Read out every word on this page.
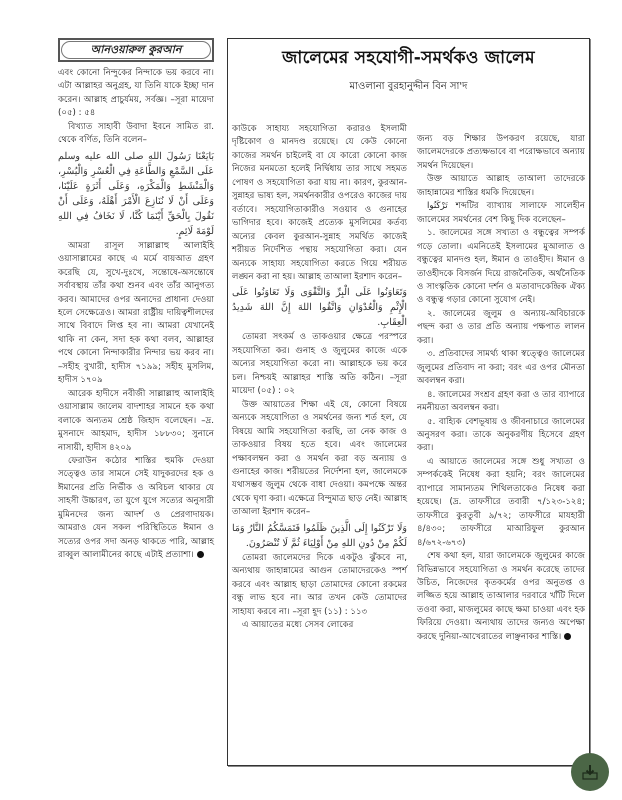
আনওয়ারুল কুরআন

এবং কোনো নিন্দুকের নিন্দাকে ভয় করবে না। এটা আল্লাহর অনুগ্রহ, যা তিনি যাকে ইচ্ছা দান করেন। আল্লাহ প্রাচুর্যময়, সর্বজ্ঞ। –সূরা মায়েদা (০৫) : ৫৪

বিখ্যাত সাহাবী উবাদা ইবনে সামিত রা. থেকে বর্ণিত, তিনি বলেন–

بَايَعْنَا رَسُولَ اللهِ صلى الله عليه وسلم عَلَى السَّمْعِ وَالطَّاعَةِ فِي الْعُسْرِ وَالْيُسْرِ، وَالْمَنْشَطِ وَالْمَكْرَهِ، وَعَلَى أَثَرَةٍ عَلَيْنَا، وَعَلَى أَنْ لَا نُنَازِعَ الْأَمْرَ أَهْلَهُ، وَعَلَى أَنْ نَقُولَ بِالْحَقِّ أَيْنَمَا كُنَّا، لَا نَخَافُ فِي اللهِ لَوْمَةَ لَائِمٍ.

আমরা রাসূল সাল্লাল্লাহু আলাইহি ওয়াসাল্লামের কাছে এ মর্মে বায়আত গ্রহণ করেছি যে, সুখে-দুঃখে, সন্তোষে-অসন্তোষে সর্বাবস্থায় তাঁর কথা শুনব এবং তাঁর আনুগত্য করব। আমাদের ওপর অন্যদের প্রাধান্য দেওয়া হলে সেক্ষেত্রেও। আমরা রাষ্ট্রীয় দায়িত্বশীলদের সাথে বিবাদে লিপ্ত হব না। আমরা যেখানেই থাকি না কেন, সদা হক কথা বলব, আল্লাহর পথে কোনো নিন্দাকারীর নিন্দার ভয় করব না। –সহীহ বুখারী, হাদীস ৭১৯৯; সহীহ মুসলিম, হাদীস ১৭০৯

আরেক হাদীসে নবীজী সাল্লাল্লাহু আলাইহি ওয়াসাল্লাম জালেম বাদশাহর সামনে হক কথা বলাকে অন্যতম শ্রেষ্ঠ জিহাদ বলেছেন। –দ্র. মুসনাদে আহমাদ, হাদীস ১৮৮৩০; সুনানে নাসায়ী, হাদীস ৪২০৯

ফেরাউন কঠোর শাস্তির হুমকি দেওয়া সত্ত্বেও তার সামনে সেই যাদুকরদের হক ও ঈমানের প্রতি নির্ভীক ও অবিচল থাকার যে সাহসী উচ্চারণ, তা যুগে যুগে সত্যের অনুসারী মুমিনদের জন্য আদর্শ ও প্রেরণাদায়ক। আমরাও যেন সকল পরিস্থিতিতে ঈমান ও সত্যের ওপর সদা অনড় থাকতে পারি, আল্লাহ রাব্বুল আলামীনের কাছে এটাই প্রত্যাশা।

জালেমের সহযোগী-সমর্থকও জালেম
মাওলানা বুরহানুদ্দীন বিন সা'দ

কাউকে সাহায্য সহযোগিতা করারও ইসলামী দৃষ্টিকোণ ও মানদণ্ড রয়েছে। যে কেউ কোনো কাজের সমর্থন চাইলেই বা যে কারো কোনো কাজ নিজের মনমতো হলেই নির্দ্বিধায় তার সাথে সহমত পোষণ ও সহযোগিতা করা যায় না। কারণ, কুরআন-সুন্নাহর ভাষ্য হল, সমর্থনকারীর ওপরেও কাজের দায় বর্তাবে। সহযোগিতাকারীও সওয়াব ও গুনাহের ভাগিদার হবে। কাজেই প্রত্যেক মুসলিমের কর্তব্য অন্যের কেবল কুরআন-সুন্নাহ সমর্থিত কাজেই শরীয়ত নির্দেশিত পন্থায় সহযোগিতা করা। যেন অন্যকে সাহায্য সহযোগিতা করতে গিয়ে শরীয়ত লঙ্ঘন করা না হয়। আল্লাহ তাআলা ইরশাদ করেন–

وَتَعَاوَنُوا عَلَى الْبِرِّ وَالتَّقْوَى وَلَا تَعَاوَنُوا عَلَى الْإِثْمِ وَالْعُدْوَانِ وَاتَّقُوا اللهَ إِنَّ اللهَ شَدِيدُ الْعِقَابِ.

তোমরা সৎকর্ম ও তাকওয়ার ক্ষেত্রে পরস্পরে সহযোগিতা কর। গুনাহ ও জুলুমের কাজে একে অন্যের সহযোগিতা করো না। আল্লাহকে ভয় করে চল। নিশ্চয়ই আল্লাহর শাস্তি অতি কঠিন। –সূরা মায়েদা (০৫) : ০২

উক্ত আয়াতের শিক্ষা এই যে, কোনো বিষয়ে অন্যকে সহযোগিতা ও সমর্থনের জন্য শর্ত হল, যে বিষয়ে আমি সহযোগিতা করছি, তা নেক কাজ ও তাকওয়ার বিষয় হতে হবে। এবং জালেমের পক্ষাবলম্বন করা ও সমর্থন করা বড় অন্যায় ও গুনাহের কাজ। শরীয়তের নির্দেশনা হল, জালেমকে যথাসম্ভব জুলুম থেকে বাধা দেওয়া। কমপক্ষে অন্তর থেকে ঘৃণা করা। এক্ষেত্রে বিন্দুমাত্র ছাড় নেই। আল্লাহ তাআলা ইরশাদ করেন–

وَلَا تَرْكَنُوا إِلَى الَّذِينَ ظَلَمُوا فَتَمَسَّكُمُ النَّارُ وَمَا لَكُمْ مِنْ دُونِ اللهِ مِنْ أَوْلِيَاءَ ثُمَّ لَا تُنْصَرُونَ.

তোমরা জালেমদের দিকে একটুও ঝুঁকবে না, অন্যথায় জাহান্নামের আগুন তোমাদেরকেও স্পর্শ করবে এবং আল্লাহ ছাড়া তোমাদের কোনো রকমের বন্ধু লাভ হবে না। আর তখন কেউ তোমাদের সাহায্য করবে না। –সূরা হূদ (১১) : ১১৩

এ আয়াতের মধ্যে সেসব লোকের

জন্য বড় শিক্ষার উপকরণ রয়েছে, যারা জালেমদেরকে প্রত্যক্ষভাবে বা পরোক্ষভাবে অন্যায় সমর্থন দিয়েছেন।

উক্ত আয়াতে আল্লাহ তাআলা তাদেরকে জাহান্নামের শাস্তির ধমকি দিয়েছেন।

تَرْكَنُوا শব্দটির ব্যাখ্যায় সালাফে সালেহীন জালেমের সমর্থনের বেশ কিছু দিক বলেছেন–

১. জালেমের সঙ্গে সখ্যতা ও বন্ধুত্বের সম্পর্ক গড়ে তোলা। এমনিতেই ইসলামের মুআলাত ও বন্ধুত্বের মানদণ্ড হল, ঈমান ও তাওহীদ। ঈমান ও তাওহীদকে বিসর্জন দিয়ে রাজনৈতিক, অর্থনৈতিক ও সাংস্কৃতিক কোনো দর্শন ও মতাবাদকেন্দ্রিক ঐক্য ও বন্ধুত্ব গড়ার কোনো সুযোগ নেই।

২. জালেমের জুলুম ও অন্যায়-অবিচারকে পছন্দ করা ও তার প্রতি অন্যায় পক্ষপাত লালন করা।

৩. প্রতিবাদের সামর্থ্য থাকা স্বত্ত্বেও জালেমের জুলুমের প্রতিবাদ না করা; বরং এর ওপর মৌনতা অবলম্বন করা।

৪. জালেমের সংশ্রব গ্রহণ করা ও তার ব্যাপারে নমনীয়তা অবলম্বন করা।

৫. বাহ্যিক বেশভূষায় ও জীবনাচারে জালেমের অনুসরণ করা। তাকে অনুকরণীয় হিসেবে গ্রহণ করা।

এ আয়াতে জালেমের সঙ্গে শুধু সখ্যতা ও সম্পর্ককেই নিষেধ করা হয়নি; বরং জালেমের ব্যাপারে সামান্যতম শিথিলতাকেও নিষেধ করা হয়েছে। (দ্র. তাফসীরে তবারী ৭/১২৩-১২৪; তাফসীরে কুরতুবী ৯/৭২; তাফসীরে মাযহারী ৪/৪৩০; তাফসীরে মাআরিফুল কুরআন ৪/৬৭২-৬৭৩)

শেষ কথা হল, যারা জালেমকে জুলুমের কাজে বিভিন্নভাবে সহযোগিতা ও সমর্থন করেছে তাদের উচিত, নিজেদের কৃতকর্মের ওপর অনুতপ্ত ও লজ্জিত হয়ে আল্লাহ তাআলার দরবারে খাঁটি দিলে তওবা করা, মাজলুমের কাছে ক্ষমা চাওয়া এবং হক ফিরিয়ে দেওয়া। অন্যথায় তাদের জন্যও অপেক্ষা করছে দুনিয়া-আখেরাতের লাঞ্ছনাকর শাস্তি।
